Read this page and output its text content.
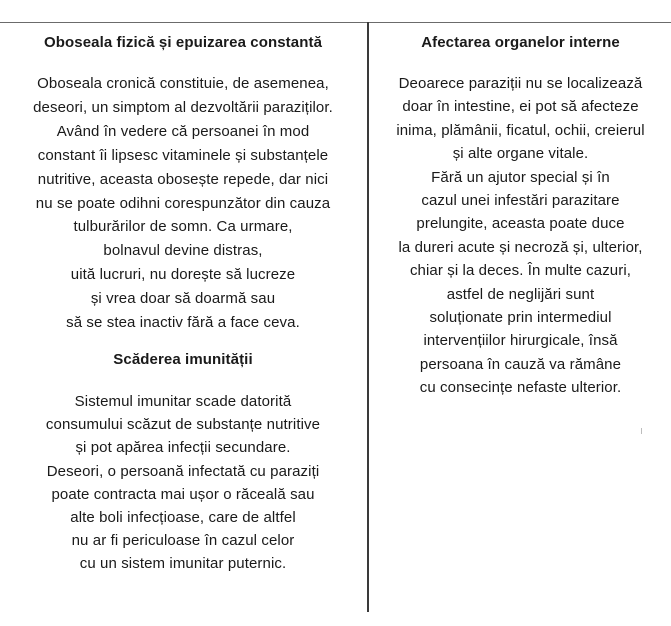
Oboseala fizică și epuizarea constantă
Oboseala cronică constituie, de asemenea,
deseori, un simptom al dezvoltării paraziților.
Având în vedere că persoanei în mod
constant îi lipsesc vitaminele și substanțele
nutritive, aceasta obosește repede, dar nici
nu se poate odihni corespunzător din cauza
tulburărilor de somn. Ca urmare,
bolnavul devine distras,
uită lucruri, nu dorește să lucreze
și vrea doar să doarmă sau
să se stea inactiv fără a face ceva.
Scăderea imunității
Sistemul imunitar scade datorită
consumului scăzut de substanțe nutritive
și pot apărea infecții secundare.
Deseori, o persoană infectată cu paraziți
poate contracta mai ușor o răceală sau
alte boli infecțioase, care de altfel
nu ar fi periculoase în cazul celor
cu un sistem imunitar puternic.
Afectarea organelor interne
Deoarece paraziții nu se localizează
doar în intestine, ei pot să afecteze
inima, plămânii, ficatul, ochii, creierul
și alte organe vitale.
Fără un ajutor special și în
cazul unei infestări parazitare
prelungite, aceasta poate duce
la dureri acute și necroză și, ulterior,
chiar și la deces. În multe cazuri,
astfel de neglijări sunt
soluționate prin intermediul
intervențiilor hirurgicale, însă
persoana în cauză va rămâne
cu consecințe nefaste ulterior.
